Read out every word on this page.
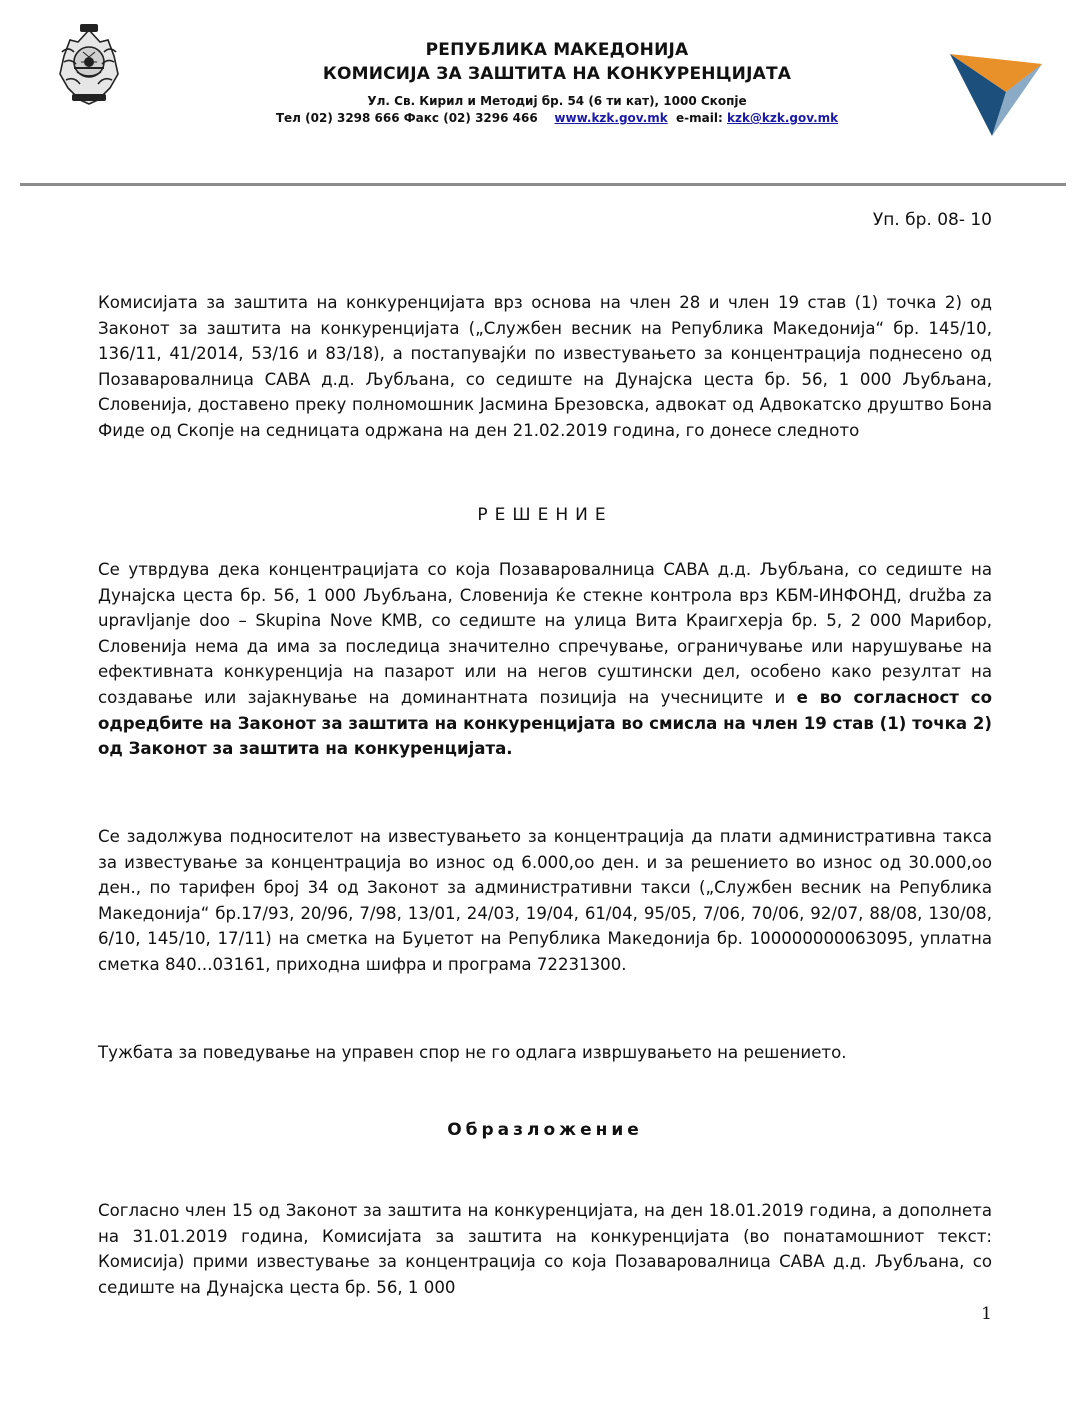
РЕПУБЛИКА МАКЕДОНИЈА
КОМИСИЈА ЗА ЗАШТИТА НА КОНКУРЕНЦИЈАТА
Ул. Св. Кирил и Методиј бр. 54 (6 ти кат), 1000 Скопје
Тел (02) 3298 666 Факс (02) 3296 466 www.kzk.gov.mk e-mail: kzk@kzk.gov.mk
Уп. бр. 08- 10
Комисијата за заштита на конкуренцијата врз основа на член 28 и член 19 став (1) точка 2) од Законот за заштита на конкуренцијата („Службен весник на Република Македонија“ бр. 145/10, 136/11, 41/2014, 53/16 и 83/18), а постапувајќи по известувањето за концентрација поднесено од Позаваровалница САВА д.д. Љубљана, со седиште на Дунајска цеста бр. 56, 1 000 Љубљана, Словенија, доставено преку полномошник Јасмина Брезовска, адвокат од Адвокатско друштво Бона Фиде од Скопје на седницата одржана на ден 21.02.2019 година, го донесе следното
РЕШЕНИЕ
Се утврдува дека концентрацијата со која Позаваровалница САВА д.д. Љубљана, со седиште на Дунајска цеста бр. 56, 1 000 Љубљана, Словенија ќе стекне контрола врз КБМ-ИНФОНД, družba za upravljanje doo – Skupina Nove KMB, со седиште на улица Вита Краигхерја бр. 5, 2 000 Марибор, Словенија нема да има за последица значително спречување, ограничување или нарушување на ефективната конкуренција на пазарот или на негов суштински дел, особено како резултат на создавање или зајакнување на доминантната позиција на учесниците и е во согласност со одредбите на Законот за заштита на конкуренцијата во смисла на член 19 став (1) точка 2) од Законот за заштита на конкуренцијата.
Се задолжува подносителот на известувањето за концентрација да плати административна такса за известување за концентрација во износ од 6.000,оо ден. и за решението во износ од 30.000,оо ден., по тарифен број 34 од Законот за административни такси („Службен весник на Република Македонија“ бр.17/93, 20/96, 7/98, 13/01, 24/03, 19/04, 61/04, 95/05, 7/06, 70/06, 92/07, 88/08, 130/08, 6/10, 145/10, 17/11) на сметка на Буџетот на Република Македонија бр. 100000000063095, уплатна сметка 840...03161, приходна шифра и програма 72231300.
Тужбата за поведување на управен спор не го одлага извршувањето на решението.
Образложение
Согласно член 15 од Законот за заштита на конкуренцијата, на ден 18.01.2019 година, а дополнета на 31.01.2019 година, Комисијата за заштита на конкуренцијата (во понатамошниот текст: Комисија) прими известување за концентрација со која Позаваровалница САВА д.д. Љубљана, со седиште на Дунајска цеста бр. 56, 1 000
1
